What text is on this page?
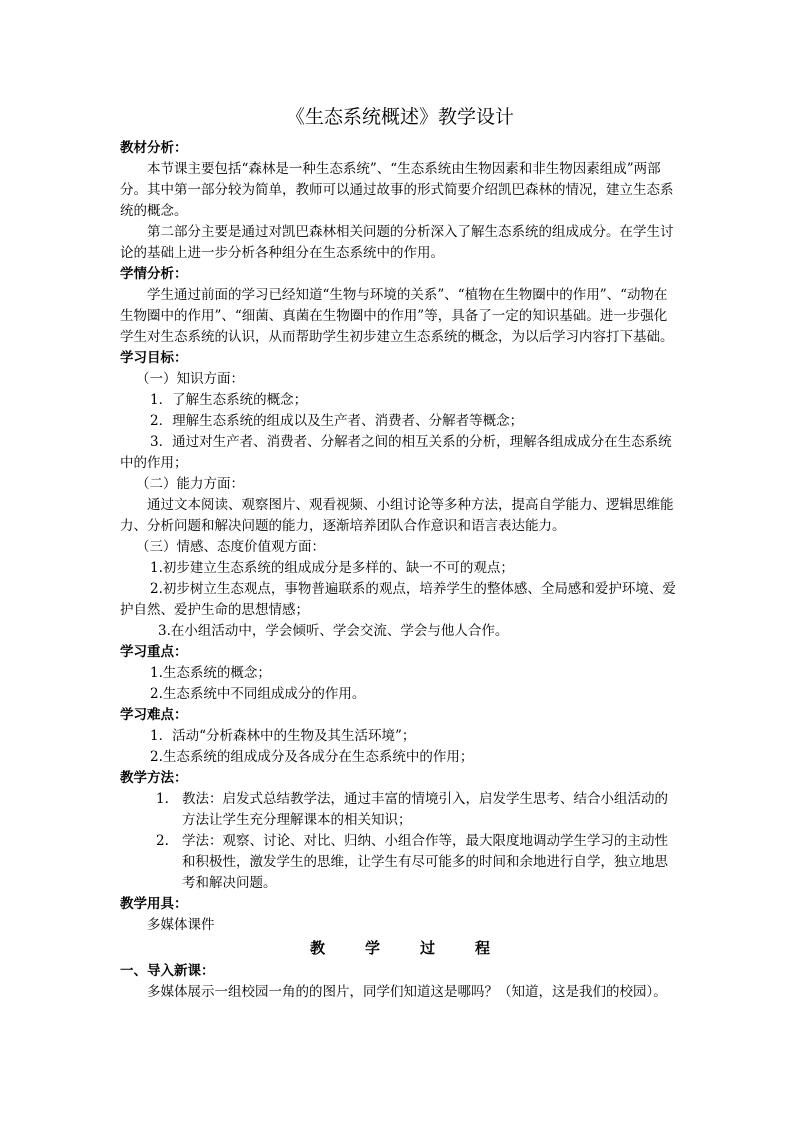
《生态系统概述》教学设计

教材分析：

本节课主要包括“森林是一种生态系统”、“生态系统由生物因素和非生物因素组成”两部分。其中第一部分较为简单，教师可以通过故事的形式简要介绍凯巴森林的情况，建立生态系统的概念。

第二部分主要是通过对凯巴森林相关问题的分析深入了解生态系统的组成成分。在学生讨论的基础上进一步分析各种组分在生态系统中的作用。

学情分析：

学生通过前面的学习已经知道“生物与环境的关系”、“植物在生物圈中的作用”、“动物在生物圈中的作用”、“细菌、真菌在生物圈中的作用”等，具备了一定的知识基础。进一步强化学生对生态系统的认识，从而帮助学生初步建立生态系统的概念，为以后学习内容打下基础。

学习目标：

（一）知识方面：

1．了解生态系统的概念；

2．理解生态系统的组成以及生产者、消费者、分解者等概念；

3．通过对生产者、消费者、分解者之间的相互关系的分析，理解各组成成分在生态系统中的作用；

（二）能力方面：

通过文本阅读、观察图片、观看视频、小组讨论等多种方法，提高自学能力、逻辑思维能力、分析问题和解决问题的能力，逐渐培养团队合作意识和语言表达能力。

（三）情感、态度价值观方面：

1.初步建立生态系统的组成成分是多样的、缺一不可的观点；

2.初步树立生态观点，事物普遍联系的观点，培养学生的整体感、全局感和爱护环境、爱护自然、爱护生命的思想情感；

3.在小组活动中，学会倾听、学会交流、学会与他人合作。

学习重点：

1.生态系统的概念；

2.生态系统中不同组成成分的作用。

学习难点：

1．活动“分析森林中的生物及其生活环境”；

2.生态系统的组成成分及各成分在生态系统中的作用；

教学方法：

1. 教法：启发式总结教学法，通过丰富的情境引入，启发学生思考、结合小组活动的方法让学生充分理解课本的相关知识；
2. 学法：观察、讨论、对比、归纳、小组合作等，最大限度地调动学生学习的主动性和积极性，激发学生的思维，让学生有尽可能多的时间和余地进行自学，独立地思考和解决问题。

教学用具：

多媒体课件

教学过程

一、导入新课：

多媒体展示一组校园一角的的图片，同学们知道这是哪吗？（知道，这是我们的校园）。
